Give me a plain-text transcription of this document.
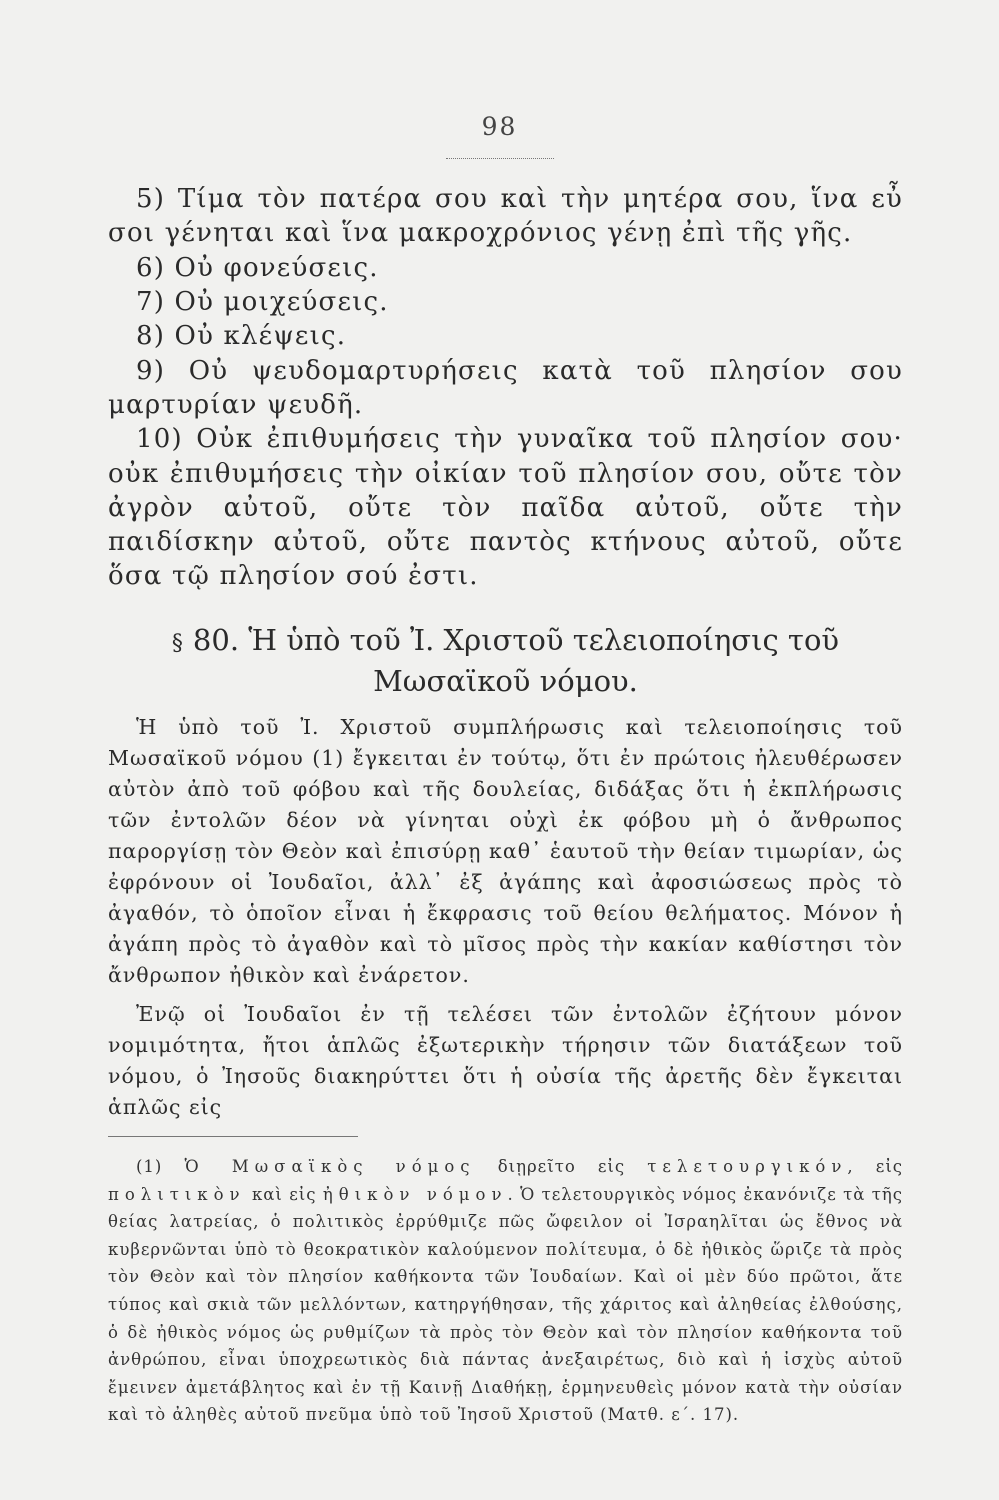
98

5) Τίμα τὸν πατέρα σου καὶ τὴν μητέρα σου, ἵνα εὖ σοι γένηται καὶ ἵνα μακροχρόνιος γένῃ ἐπὶ τῆς γῆς.

6) Οὐ φονεύσεις.

7) Οὐ μοιχεύσεις.

8) Οὐ κλέψεις.

9) Οὐ ψευδομαρτυρήσεις κατὰ τοῦ πλησίον σου μαρτυρίαν ψευδῆ.

10) Οὐκ ἐπιθυμήσεις τὴν γυναῖκα τοῦ πλησίον σου· οὐκ ἐπιθυμήσεις τὴν οἰκίαν τοῦ πλησίον σου, οὔτε τὸν ἀγρὸν αὐτοῦ, οὔτε τὸν παῖδα αὐτοῦ, οὔτε τὴν παιδίσκην αὐτοῦ, οὔτε παντὸς κτήνους αὐτοῦ, οὔτε ὅσα τῷ πλησίον σού ἐστι.

§ 80. Ἡ ὑπὸ τοῦ Ἰ. Χριστοῦ τελειοποίησις τοῦ
Μωσαϊκοῦ νόμου.

Ἡ ὑπὸ τοῦ Ἰ. Χριστοῦ συμπλήρωσις καὶ τελειοποίησις τοῦ Μωσαϊκοῦ νόμου (1) ἔγκειται ἐν τούτῳ, ὅτι ἐν πρώτοις ἠλευθέρωσεν αὐτὸν ἀπὸ τοῦ φόβου καὶ τῆς δουλείας, διδάξας ὅτι ἡ ἐκπλήρωσις τῶν ἐντολῶν δέον νὰ γίνηται οὐχὶ ἐκ φόβου μὴ ὁ ἄνθρωπος παροργίσῃ τὸν Θεὸν καὶ ἐπισύρῃ καθ᾽ ἑαυτοῦ τὴν θείαν τιμωρίαν, ὡς ἐφρόνουν οἱ Ἰουδαῖοι, ἀλλ᾽ ἐξ ἀγάπης καὶ ἀφοσιώσεως πρὸς τὸ ἀγαθόν, τὸ ὁποῖον εἶναι ἡ ἔκφρασις τοῦ θείου θελήματος. Μόνον ἡ ἀγάπη πρὸς τὸ ἀγαθὸν καὶ τὸ μῖσος πρὸς τὴν κακίαν καθίστησι τὸν ἄνθρωπον ἠθικὸν καὶ ἐνάρετον.

Ἐνῷ οἱ Ἰουδαῖοι ἐν τῇ τελέσει τῶν ἐντολῶν ἐζήτουν μόνον νομιμότητα, ἤτοι ἁπλῶς ἐξωτερικὴν τήρησιν τῶν διατάξεων τοῦ νόμου, ὁ Ἰησοῦς διακηρύττει ὅτι ἡ οὐσία τῆς ἀρετῆς δὲν ἔγκειται ἁπλῶς εἰς

(1) Ὁ Μωσαϊκὸς νόμος διῃρεῖτο εἰς τελετουργικόν, εἰς πολιτικὸν καὶ εἰς ἠθικὸν νόμον. Ὁ τελετουργικὸς νόμος ἐκανόνιζε τὰ τῆς θείας λατρείας, ὁ πολιτικὸς ἐρρύθμιζε πῶς ὤφειλον οἱ Ἰσραηλῖται ὡς ἔθνος νὰ κυβερνῶνται ὑπὸ τὸ θεοκρατικὸν καλούμενον πολίτευμα, ὁ δὲ ἠθικὸς ὥριζε τὰ πρὸς τὸν Θεὸν καὶ τὸν πλησίον καθήκοντα τῶν Ἰουδαίων. Καὶ οἱ μὲν δύο πρῶτοι, ἅτε τύπος καὶ σκιὰ τῶν μελλόντων, κατηργήθησαν, τῆς χάριτος καὶ ἀληθείας ἐλθούσης, ὁ δὲ ἠθικὸς νόμος ὡς ρυθμίζων τὰ πρὸς τὸν Θεὸν καὶ τὸν πλησίον καθήκοντα τοῦ ἀνθρώπου, εἶναι ὑποχρεωτικὸς διὰ πάντας ἀνεξαιρέτως, διὸ καὶ ἡ ἰσχὺς αὐτοῦ ἔμεινεν ἀμετάβλητος καὶ ἐν τῇ Καινῇ Διαθήκῃ, ἑρμηνευθεὶς μόνον κατὰ τὴν οὐσίαν καὶ τὸ ἀληθὲς αὐτοῦ πνεῦμα ὑπὸ τοῦ Ἰησοῦ Χριστοῦ (Ματθ. ε´. 17).
